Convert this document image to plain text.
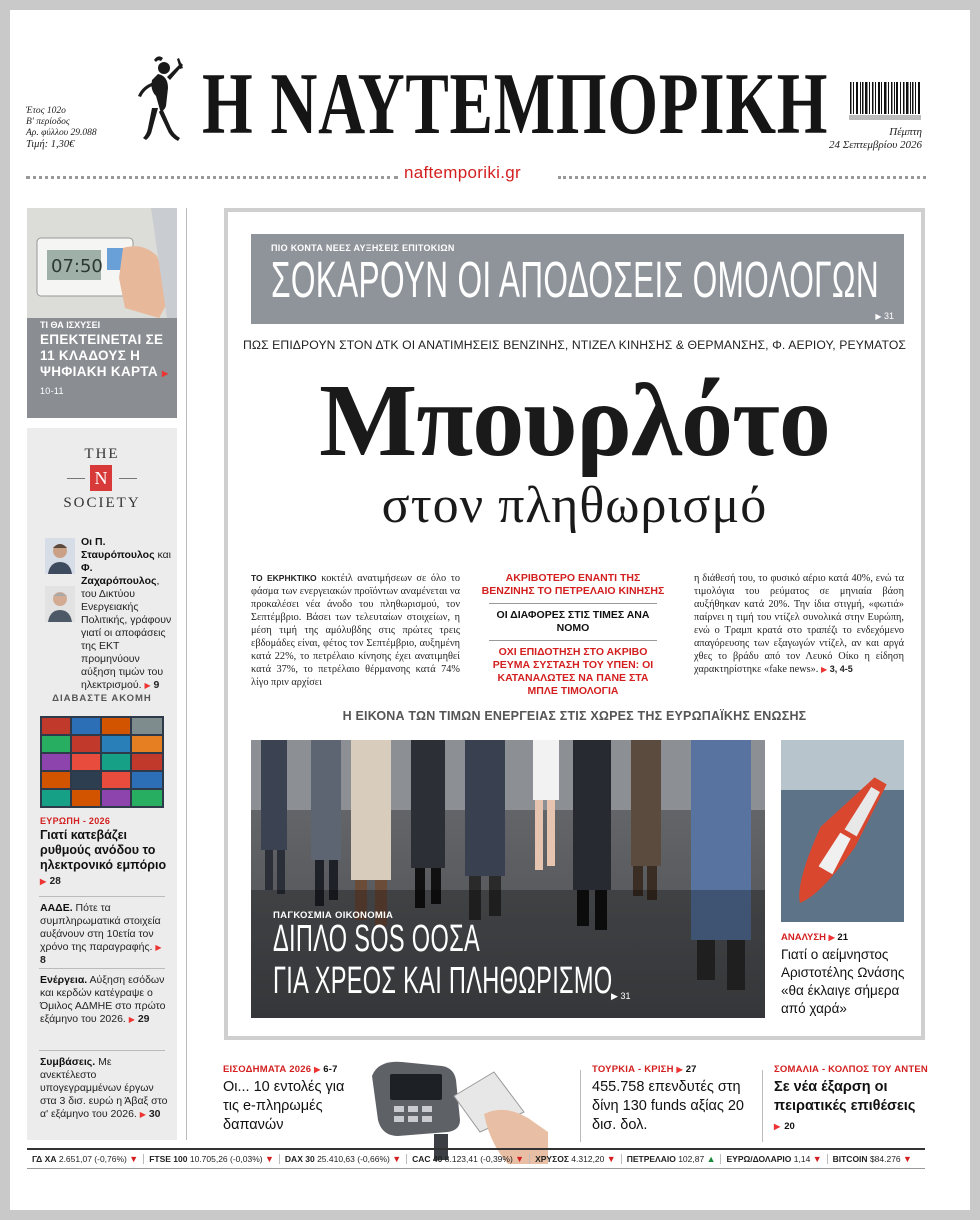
Έτος 102ο
Β' περίοδος
Αρ. φύλλου 29.088
Τιμή: 1,30€ Η ΝΑΥΤΕΜΠΟΡΙΚΗ	Πέμπτη
24 Σεπτεμβρίου 2026
naftemporiki.gr
07:50
ΤΙ ΘΑ ΙΣΧΥΣΕΙ
ΕΠΕΚΤΕΙΝΕΤΑΙ ΣΕ 11 ΚΛΑΔΟΥΣ Η ΨΗΦΙΑΚΗ ΚΑΡΤΑ ▶ 10-11
THE
N
SOCIETY
Οι Π. Σταυρόπουλος και Φ. Ζαχαρόπουλος, του Δικτύου Ενεργειακής Πολιτικής, γράφουν γιατί οι αποφάσεις της ΕΚΤ προμηνύουν αύξηση τιμών του ηλεκτρισμού. ▶ 9
ΔΙΑΒΑΣΤΕ ΑΚΟΜΗ
ΕΥΡΩΠΗ - 2026
Γιατί κατεβάζει ρυθμούς ανόδου το ηλεκτρονικό εμπόριο ▶ 28
ΑΑΔΕ. Πότε τα συμπληρωματικά στοιχεία αυξάνουν στη 10ετία τον χρόνο της παραγραφής. ▶ 8
Ενέργεια. Αύξηση εσόδων και κερδών κατέγραψε ο Όμιλος ΑΔΜΗΕ στο πρώτο εξάμηνο του 2026. ▶ 29
Συμβάσεις. Με ανεκτέλεστο υπογεγραμμένων έργων στα 3 δισ. ευρώ η Άβαξ στο α' εξάμηνο του 2026. ▶ 30
ΠΙΟ ΚΟΝΤΑ ΝΕΕΣ ΑΥΞΗΣΕΙΣ ΕΠΙΤΟΚΙΩΝ
ΣΟΚΑΡΟΥΝ ΟΙ ΑΠΟΔΟΣΕΙΣ ΟΜΟΛΟΓΩΝ
▶ 31
ΠΩΣ ΕΠΙΔΡΟΥΝ ΣΤΟΝ ΔΤΚ ΟΙ ΑΝΑΤΙΜΗΣΕΙΣ ΒΕΝΖΙΝΗΣ, ΝΤΙΖΕΛ ΚΙΝΗΣΗΣ & ΘΕΡΜΑΝΣΗΣ, Φ. ΑΕΡΙΟΥ, ΡΕΥΜΑΤΟΣ
Μπουρλότο
στον πληθωρισμό
ΤΟ ΕΚΡΗΚΤΙΚΟ κοκτέιλ ανατιμήσεων σε όλο το φάσμα των ενεργειακών προϊόντων αναμένεται να προκαλέσει νέα άνοδο του πληθωρισμού, τον Σεπτέμβριο. Βάσει των τελευταίων στοιχείων, η μέση τιμή της αμόλυβδης στις πρώτες τρεις εβδομάδες είναι, φέτος τον Σεπτέμβριο, αυξημένη κατά 22%, το πετρέλαιο κίνησης έχει ανατιμηθεί κατά 37%, το πετρέλαιο θέρμανσης κατά 74% λίγο πριν αρχίσει
ΑΚΡΙΒΟΤΕΡΟ ΕΝΑΝΤΙ ΤΗΣ ΒΕΝΖΙΝΗΣ ΤΟ ΠΕΤΡΕΛΑΙΟ ΚΙΝΗΣΗΣ
ΟΙ ΔΙΑΦΟΡΕΣ ΣΤΙΣ ΤΙΜΕΣ ΑΝΑ ΝΟΜΟ
ΟΧΙ ΕΠΙΔΟΤΗΣΗ ΣΤΟ ΑΚΡΙΒΟ ΡΕΥΜΑ ΣΥΣΤΑΣΗ ΤΟΥ ΥΠΕΝ: ΟΙ ΚΑΤΑΝΑΛΩΤΕΣ ΝΑ ΠΑΝΕ ΣΤΑ ΜΠΛΕ ΤΙΜΟΛΟΓΙΑ
η διάθεσή του, το φυσικό αέριο κατά 40%, ενώ τα τιμολόγια του ρεύματος σε μηνιαία βάση αυξήθηκαν κατά 20%. Την ίδια στιγμή, «φωτιά» παίρνει η τιμή του ντίζελ συνολικά στην Ευρώπη, ενώ ο Τραμπ κρατά στο τραπέζι το ενδεχόμενο απαγόρευσης των εξαγωγών ντίζελ, αν και αργά χθες το βράδυ από τον Λευκό Οίκο η είδηση χαρακτηρίστηκε «fake news». ▶ 3, 4-5
Η ΕΙΚΟΝΑ ΤΩΝ ΤΙΜΩΝ ΕΝΕΡΓΕΙΑΣ ΣΤΙΣ ΧΩΡΕΣ ΤΗΣ ΕΥΡΩΠΑΪΚΗΣ ΕΝΩΣΗΣ
ΠΑΓΚΟΣΜΙΑ ΟΙΚΟΝΟΜΙΑ
ΔΙΠΛΟ SOS ΟΟΣΑ
ΓΙΑ ΧΡΕΟΣ ΚΑΙ ΠΛΗΘΩΡΙΣΜΟ
▶ 31
ΑΝΑΛΥΣΗ ▶ 21
Γιατί ο αείμνηστος Αριστοτέλης Ωνάσης «θα έκλαιγε σήμερα από χαρά»
ΕΙΣΟΔΗΜΑΤΑ 2026 ▶ 6-7
Οι... 10 εντολές για τις e-πληρωμές δαπανών
ΤΟΥΡΚΙΑ - ΚΡΙΣΗ ▶ 27
455.758 επενδυτές στη δίνη 130 funds αξίας 20 δισ. δολ.
ΣΟΜΑΛΙΑ - ΚΟΛΠΟΣ ΤΟΥ ΑΝΤΕΝ
Σε νέα έξαρση οι πειρατικές επιθέσεις ▶ 20
ΓΔ ΧΑ 2.651,07 (-0,76%) ▼	FTSE 100 10.705,26 (-0,03%) ▼	DAX 30 25.410,63 (-0,66%) ▼	CAC 40 8.123,41 (-0,39%) ▼	ΧΡΥΣΟΣ 4.312,20 ▼	ΠΕΤΡΕΛΑΙΟ 102,87 ▲	ΕΥΡΩ/ΔΟΛΑΡΙΟ 1,14 ▼	BITCOIN $84.276 ▼
